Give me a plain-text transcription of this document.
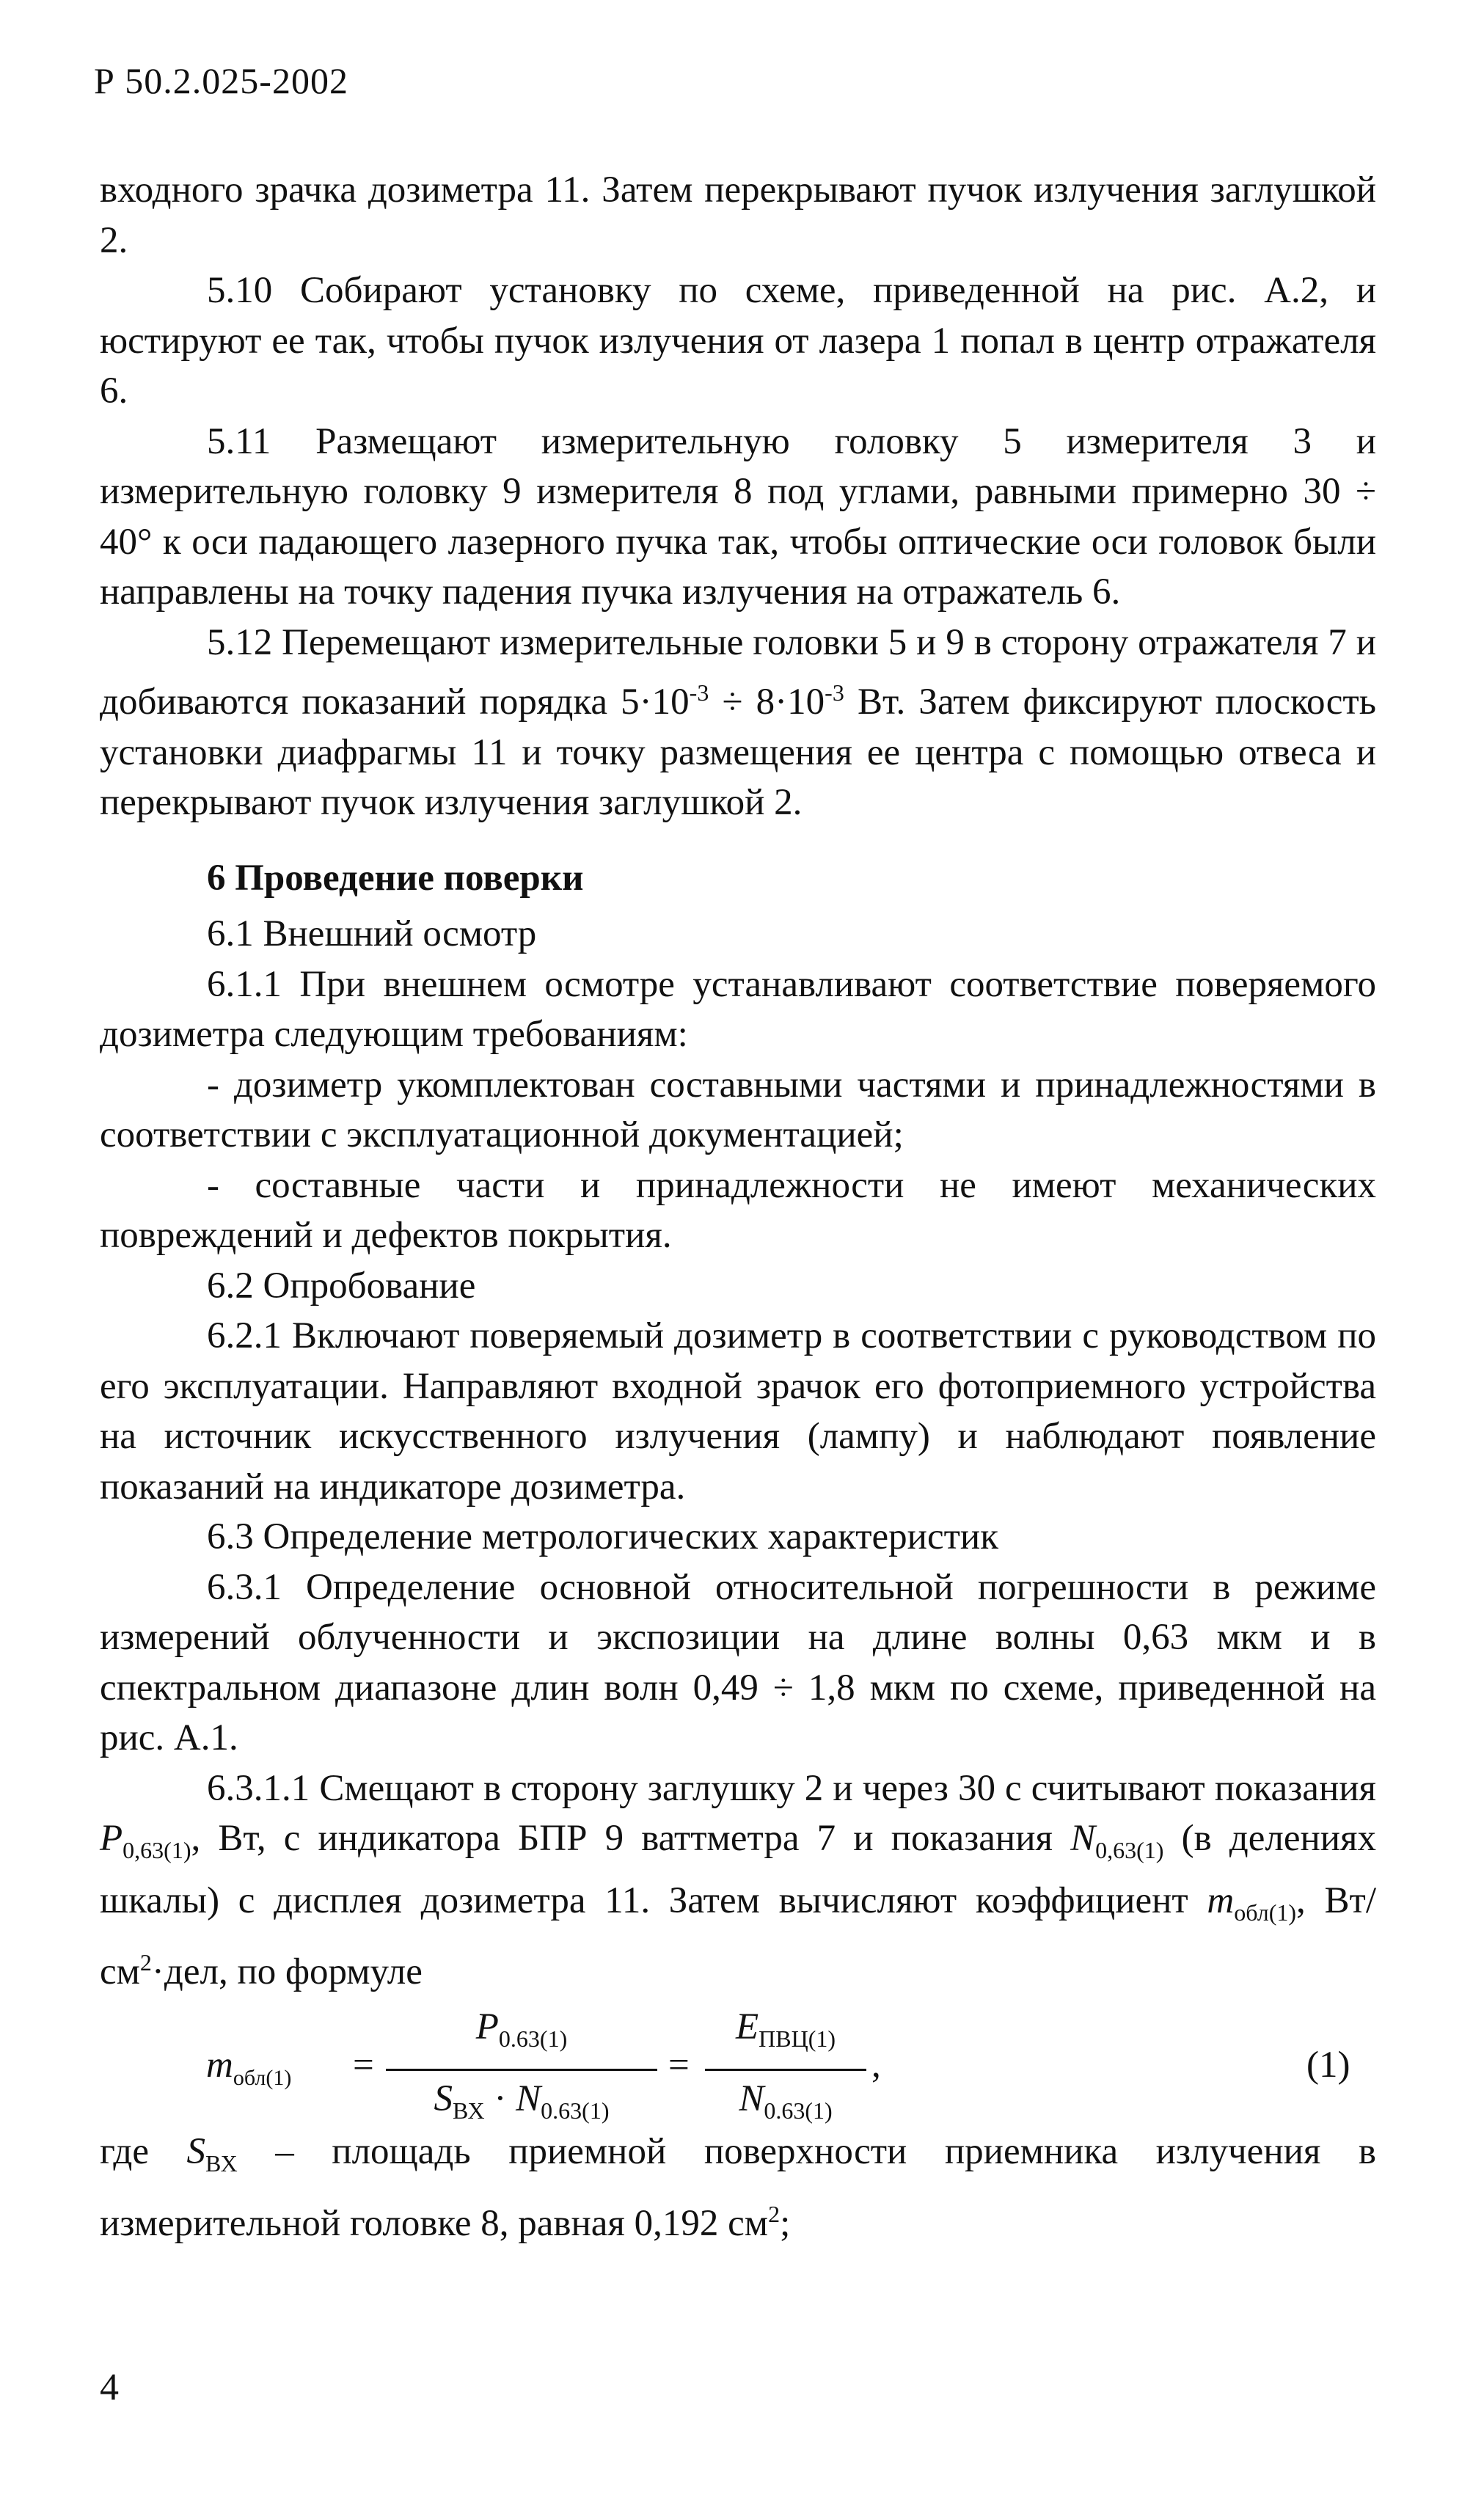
Р 50.2.025-2002

входного зрачка дозиметра 11. Затем перекрывают пучок излучения заглушкой 2.

5.10 Собирают установку по схеме, приведенной на рис. А.2, и юстируют ее так, чтобы пучок излучения от лазера 1 попал в центр отражателя 6.

5.11 Размещают измерительную головку 5 измерителя 3 и измерительную головку 9 измерителя 8 под углами, равными примерно 30 ÷ 40° к оси падающего лазерного пучка так, чтобы оптические оси головок были направлены на точку падения пучка излучения на отражатель 6.

5.12 Перемещают измерительные головки 5 и 9 в сторону отражателя 7 и добиваются показаний порядка $5\cdot 10^{-3} \div 8\cdot 10^{-3}$ Вт. Затем фиксируют плоскость установки диафрагмы 11 и точку размещения ее центра с помощью отвеса и перекрывают пучок излучения заглушкой 2.

6 Проведение поверки

6.1 Внешний осмотр

6.1.1 При внешнем осмотре устанавливают соответствие поверяемого дозиметра следующим требованиям:

- дозиметр укомплектован составными частями и принадлежностями в соответствии с эксплуатационной документацией;

- составные части и принадлежности не имеют механических повреждений и дефектов покрытия.

6.2 Опробование

6.2.1 Включают поверяемый дозиметр в соответствии с руководством по его эксплуатации. Направляют входной зрачок его фотоприемного устройства на источник искусственного излучения (лампу) и наблюдают появление показаний на индикаторе дозиметра.

6.3 Определение метрологических характеристик

6.3.1 Определение основной относительной погрешности в режиме измерений облученности и экспозиции на длине волны 0,63 мкм и в спектральном диапазоне длин волн 0,49 ÷ 1,8 мкм по схеме, приведенной на рис. А.1.

6.3.1.1 Смещают в сторону заглушку 2 и через 30 с считывают показания $P_{0,63(1)}$, Вт, с индикатора БПР 9 ваттметра 7 и показания $N_{0,63(1)}$ (в делениях шкалы) с дисплея дозиметра 11. Затем вычисляют коэффициент $m_{обл(1)}$, $Вт/см^2\cdot дел$, по формуле

$m_{обл(1)}$ =
$P_{0.63(1)}$
$S_{ВХ} \cdot N_{0.63(1)}$
=
$E_{ПВЦ(1)}$
$N_{0.63(1)}$
,	(1)

где $S_{ВХ}$ – площадь приемной поверхности приемника излучения в измерительной головке 8, равная 0,192 $см^2$;

4
